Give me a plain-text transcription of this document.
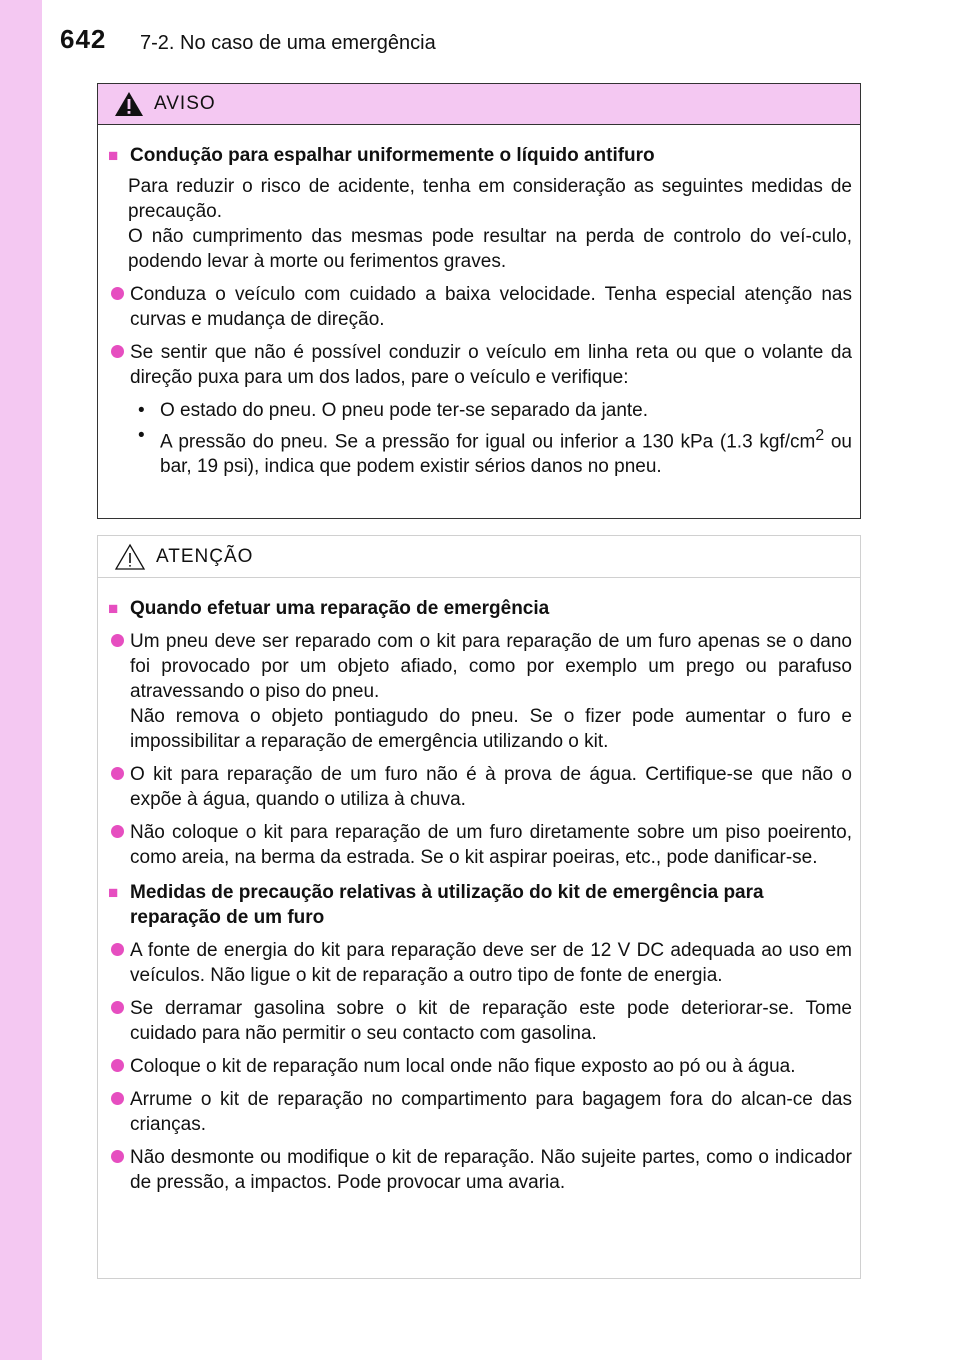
642 7-2. No caso de uma emergência
AVISO
■ Condução para espalhar uniformemente o líquido antifuro
Para reduzir o risco de acidente, tenha em consideração as seguintes medidas de precaução.
O não cumprimento das mesmas pode resultar na perda de controlo do veí-culo, podendo levar à morte ou ferimentos graves.
Conduza o veículo com cuidado a baixa velocidade. Tenha especial atenção nas curvas e mudança de direção.
Se sentir que não é possível conduzir o veículo em linha reta ou que o volante da direção puxa para um dos lados, pare o veículo e verifique:
• O estado do pneu. O pneu pode ter-se separado da jante.
• A pressão do pneu. Se a pressão for igual ou inferior a 130 kPa (1.3 kgf/$cm^2$ ou bar, 19 psi), indica que podem existir sérios danos no pneu.
ATENÇÃO
■ Quando efetuar uma reparação de emergência
Um pneu deve ser reparado com o kit para reparação de um furo apenas se o dano foi provocado por um objeto afiado, como por exemplo um prego ou parafuso atravessando o piso do pneu.
Não remova o objeto pontiagudo do pneu. Se o fizer pode aumentar o furo e impossibilitar a reparação de emergência utilizando o kit.
O kit para reparação de um furo não é à prova de água. Certifique-se que não o expõe à água, quando o utiliza à chuva.
Não coloque o kit para reparação de um furo diretamente sobre um piso poeirento, como areia, na berma da estrada. Se o kit aspirar poeiras, etc., pode danificar-se.
■ Medidas de precaução relativas à utilização do kit de emergência para reparação de um furo
A fonte de energia do kit para reparação deve ser de 12 V DC adequada ao uso em veículos. Não ligue o kit de reparação a outro tipo de fonte de energia.
Se derramar gasolina sobre o kit de reparação este pode deteriorar-se. Tome cuidado para não permitir o seu contacto com gasolina.
Coloque o kit de reparação num local onde não fique exposto ao pó ou à água.
Arrume o kit de reparação no compartimento para bagagem fora do alcan-ce das crianças.
Não desmonte ou modifique o kit de reparação. Não sujeite partes, como o indicador de pressão, a impactos. Pode provocar uma avaria.
